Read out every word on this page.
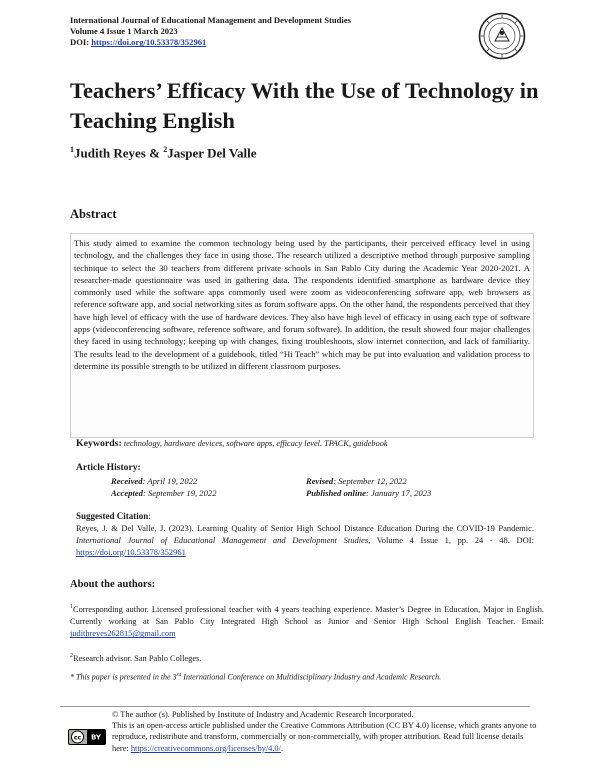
International Journal of Educational Management and Development Studies
Volume 4 Issue 1 March 2023
DOI: https://doi.org/10.53378/352961
Teachers’ Efficacy With the Use of Technology in Teaching English
$^1$Judith Reyes & $^2$Jasper Del Valle
Abstract

This study aimed to examine the common technology being used by the participants, their perceived efficacy level in using technology, and the challenges they face in using those. The research utilized a descriptive method through purposive sampling technique to select the 30 teachers from different private schools in San Pablo City during the Academic Year 2020-2021. A researcher-made questionnaire was used in gathering data. The respondents identified smartphone as hardware device they commonly used while the software apps commonly used were zoom as videoconferencing software app, web browsers as reference software app, and social networking sites as forum software apps. On the other hand, the respondents perceived that they have high level of efficacy with the use of hardware devices. They also have high level of efficacy in using each type of software apps (videoconferencing software, reference software, and forum software). In addition, the result showed four major challenges they faced in using technology; keeping up with changes, fixing troubleshoots, slow internet connection, and lack of familiarity. The results lead to the development of a guidebook, titled “Hi Teach” which may be put into evaluation and validation process to determine its possible strength to be utilized in different classroom purposes.

Keywords: technology, hardware devices, software apps, efficacy level. TPACK, guidebook
Article History:
Received: April 19, 2022
Accepted: September 19, 2022
Revised: September 12, 2022
Published online: January 17, 2023
Suggested Citation:

Reyes, J. & Del Valle, J. (2023). Learning Quality of Senior High School Distance Education During the COVID-19 Pandemic. International Journal of Educational Management and Development Studies, Volume 4 Issue 1, pp. 24 - 48. DOI: https://doi.org/10.53378/352961

About the authors:

$^1$Corresponding author. Licensed professional teacher with 4 years teaching experience. Master’s Degree in Education, Major in English. Currently working at San Pablo City Integrated High School as Junior and Senior High School English Teacher. Email: judithreyes262815@gmail.com

$^2$Research advisor. San Pablo Colleges.

* This paper is presented in the 3rd International Conference on Multidisciplinary Industry and Academic Research.

cc BY
© The author (s). Published by Institute of Industry and Academic Research Incorporated.
This is an open-access article published under the Creative Commons Attribution (CC BY 4.0) license, which grants anyone to reproduce, redistribute and transform, commercially or non-commercially, with proper attribution. Read full license details here: https://creativecommons.org/licenses/by/4.0/.
